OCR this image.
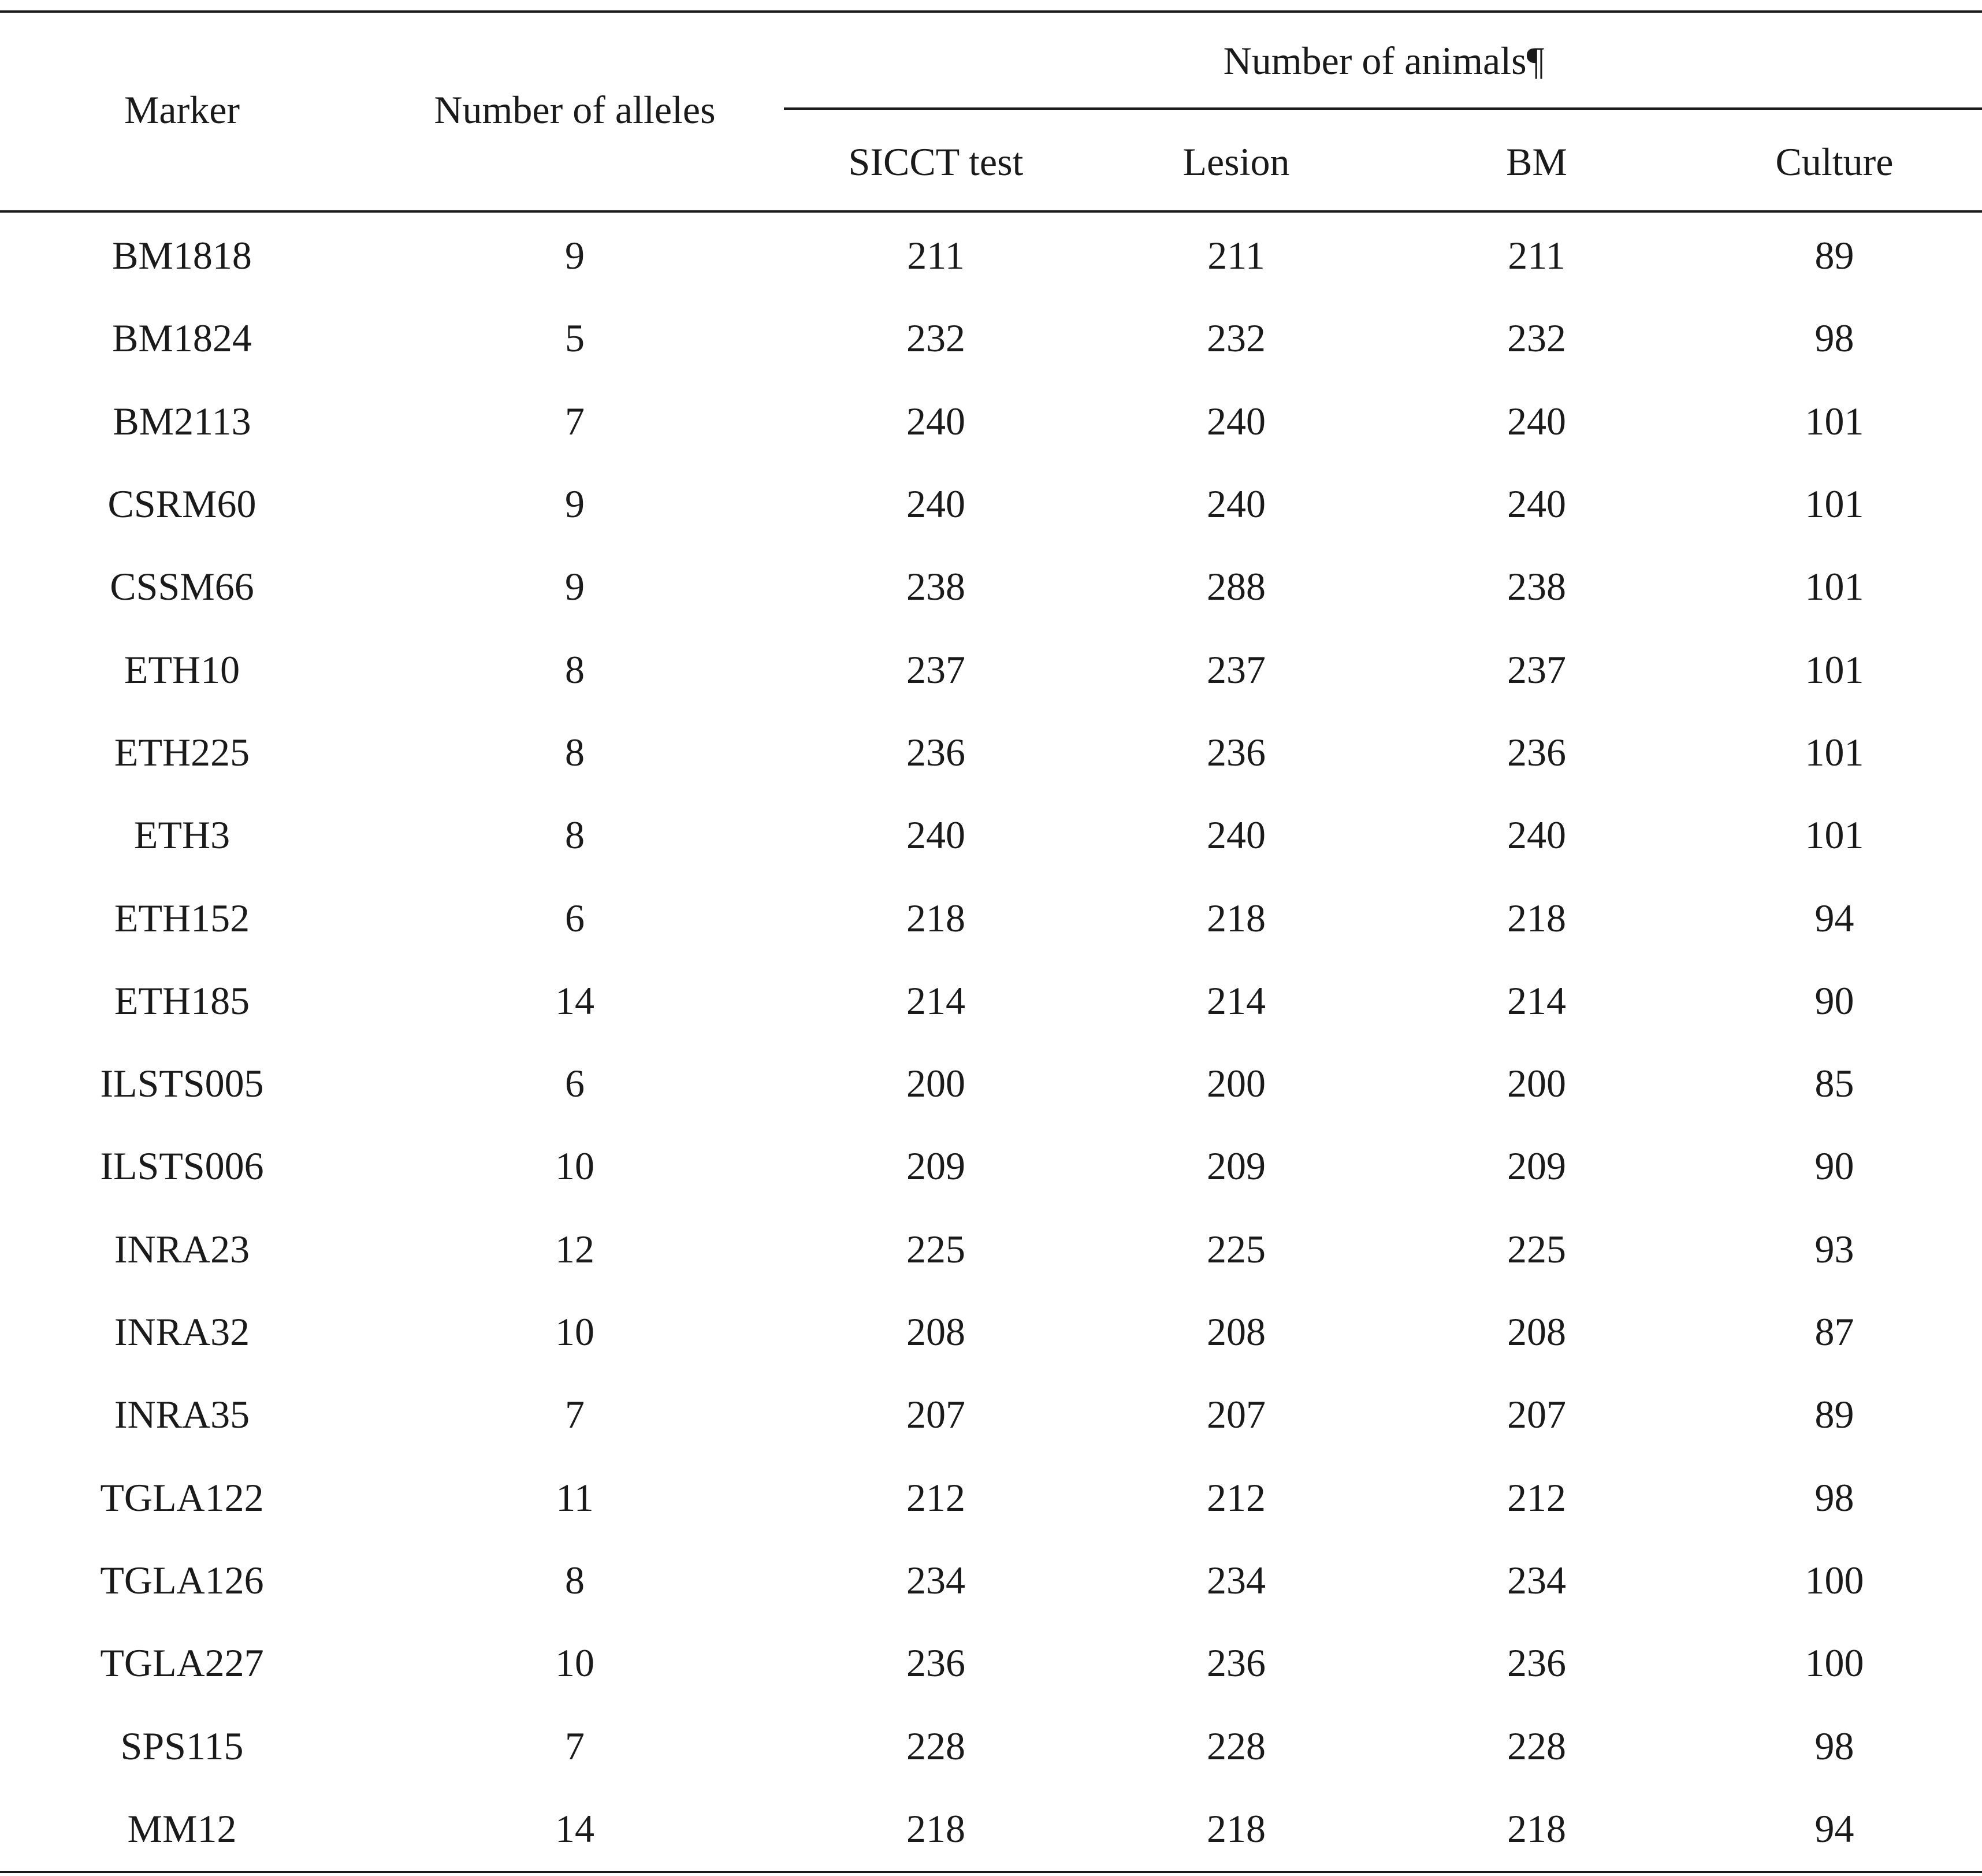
Marker	Number of alleles
Number of animals¶
SICCT test	Lesion	BM	Culture
BM1818	9	211	211	211	89
BM1824	5	232	232	232	98
BM2113	7	240	240	240	101
CSRM60	9	240	240	240	101
CSSM66	9	238	288	238	101
ETH10	8	237	237	237	101
ETH225	8	236	236	236	101
ETH3	8	240	240	240	101
ETH152	6	218	218	218	94
ETH185	14	214	214	214	90
ILSTS005	6	200	200	200	85
ILSTS006	10	209	209	209	90
INRA23	12	225	225	225	93
INRA32	10	208	208	208	87
INRA35	7	207	207	207	89
TGLA122	11	212	212	212	98
TGLA126	8	234	234	234	100
TGLA227	10	236	236	236	100
SPS115	7	228	228	228	98
MM12	14	218	218	218	94
